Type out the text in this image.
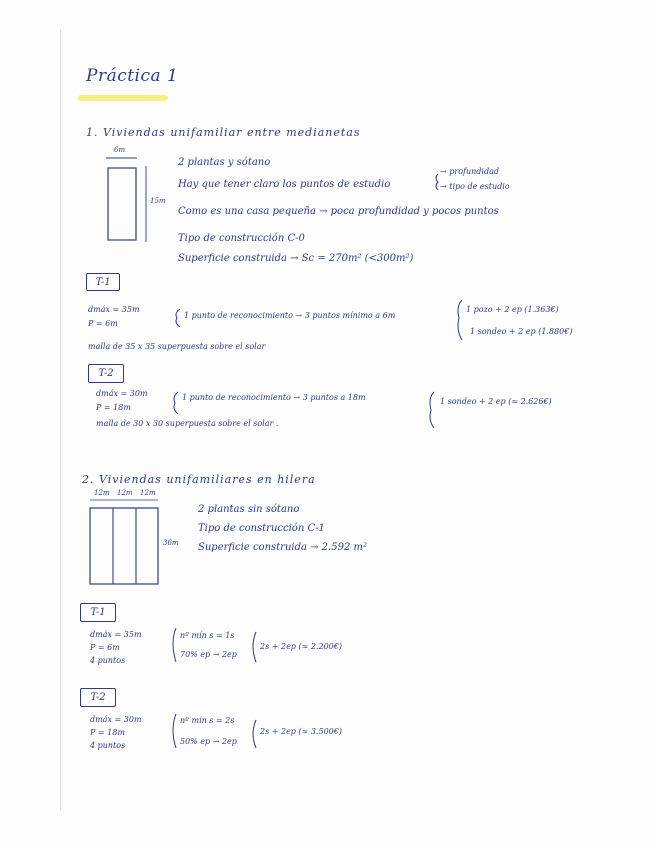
Práctica 1
1. Viviendas unifamiliar entre medianetas
6m
15m
2 plantas y sótano
Hay que tener claro los puntos de estudio
→ profundidad
→ tipo de estudio
Como es una casa pequeña → poca profundidad y pocos puntos
Tipo de construcción C-0
Superficie construida → Sc = 270m² (<300m²)
T-1
dmáx = 35m
P = 6m
1 punto de reconocimiento → 3 puntos mínimo a 6m
1 pozo + 2 ep (1.363€)
1 sondeo + 2 ep (1.880€)
malla de 35 x 35 superpuesta sobre el solar
T-2
dmáx = 30m
P = 18m
1 punto de reconocimiento → 3 puntos a 18m	1 sondeo + 2 ep (≈ 2.626€)
malla de 30 x 30 superpuesta sobre el solar .
2. Viviendas unifamiliares en hilera
12m 12m 12m
36m
2 plantas sin sótano
Tipo de construcción C-1
Superficie construida → 2.592 m²
T-1
dmáx = 35m
P = 6m
4 puntos
nº mín s = 1s
70% ep → 2ep
2s + 2ep (≈ 2.200€)
T-2
dmáx = 30m
P = 18m
4 puntos
nº mín s = 2s
50% ep → 2ep
2s + 2ep (≈ 3.500€)
